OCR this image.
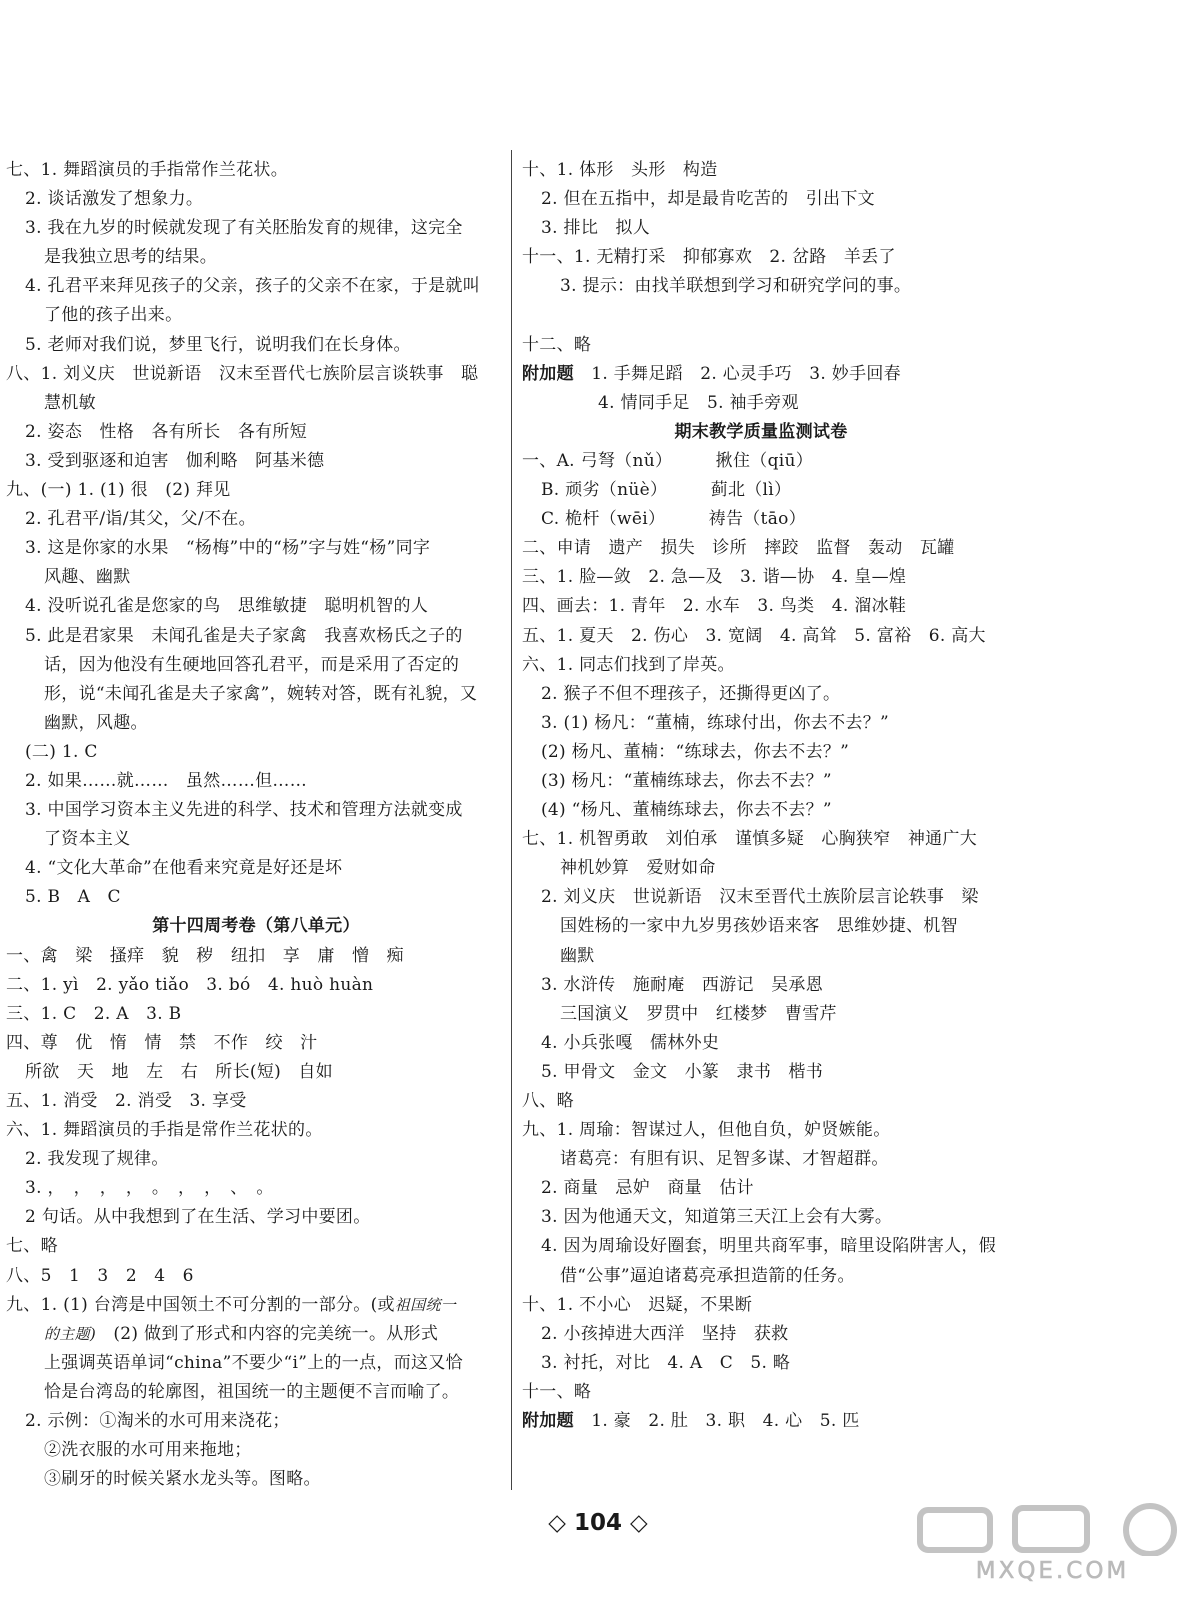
七、1. 舞蹈演员的手指常作兰花状。
2. 谈话激发了想象力。
3. 我在九岁的时候就发现了有关胚胎发育的规律，这完全
是我独立思考的结果。
4. 孔君平来拜见孩子的父亲，孩子的父亲不在家，于是就叫
了他的孩子出来。
5. 老师对我们说，梦里飞行，说明我们在长身体。
八、1. 刘义庆　世说新语　汉末至晋代七族阶层言谈轶事　聪
慧机敏
2. 姿态　性格　各有所长　各有所短
3. 受到驱逐和迫害　伽利略　阿基米德
九、(一) 1. (1) 很　(2) 拜见
2. 孔君平/诣/其父，父/不在。
3. 这是你家的水果　“杨梅”中的“杨”字与姓“杨”同字
风趣、幽默
4. 没听说孔雀是您家的鸟　思维敏捷　聪明机智的人
5. 此是君家果　未闻孔雀是夫子家禽　我喜欢杨氏之子的
话，因为他没有生硬地回答孔君平，而是采用了否定的
形，说“未闻孔雀是夫子家禽”，婉转对答，既有礼貌，又
幽默，风趣。
(二) 1. C
2. 如果……就……　虽然……但……
3. 中国学习资本主义先进的科学、技术和管理方法就变成
了资本主义
4. “文化大革命”在他看来究竟是好还是坏
5. B　A　C
第十四周考卷（第八单元）
一、禽　梁　搔痒　貌　秽　纽扣　享　庸　憎　痴
二、1. yì　2. yǎo tiǎo　3. bó　4. huò huàn
三、1. C　2. A　3. B
四、尊　优　惰　情　禁　不作　绞　汁
所欲　天　地　左　右　所长(短)　自如
五、1. 消受　2. 消受　3. 享受
六、1. 舞蹈演员的手指是常作兰花状的。
2. 我发现了规律。
3. ，　，　，　，　。　，　，　、　。
2 句话。从中我想到了在生活、学习中要团。
七、略
八、5　1　3　2　4　6
九、1. (1) 台湾是中国领土不可分割的一部分。(或祖国统一
的主题)　(2) 做到了形式和内容的完美统一。从形式
上强调英语单词“china”不要少“i”上的一点，而这又恰
恰是台湾岛的轮廓图，祖国统一的主题便不言而喻了。
2. 示例：①淘米的水可用来浇花；
②洗衣服的水可用来拖地；
③刷牙的时候关紧水龙头等。图略。
十、1. 体形　头形　构造
2. 但在五指中，却是最肯吃苦的　引出下文
3. 排比　拟人
十一、1. 无精打采　抑郁寡欢　2. 岔路　羊丢了
3. 提示：由找羊联想到学习和研究学问的事。
十二、略
附加题　1. 手舞足蹈　2. 心灵手巧　3. 妙手回春
4. 情同手足　5. 袖手旁观
期末教学质量监测试卷
一、A. 弓弩（nǔ）　　　揪住（qiū）
B. 顽劣（nüè）　　　蓟北（lì）
C. 桅杆（wēi）　　　祷告（tāo）
二、申请　遗产　损失　诊所　摔跤　监督　轰动　瓦罐
三、1. 脸—敛　2. 急—及　3. 谐—协　4. 皇—煌
四、画去：1. 青年　2. 水车　3. 鸟类　4. 溜冰鞋
五、1. 夏天　2. 伤心　3. 宽阔　4. 高耸　5. 富裕　6. 高大
六、1. 同志们找到了岸英。
2. 猴子不但不理孩子，还撕得更凶了。
3. (1) 杨凡：“董楠，练球付出，你去不去？”
(2) 杨凡、董楠：“练球去，你去不去？”
(3) 杨凡：“董楠练球去，你去不去？”
(4) “杨凡、董楠练球去，你去不去？”
七、1. 机智勇敢　刘伯承　谨慎多疑　心胸狭窄　神通广大
神机妙算　爱财如命
2. 刘义庆　世说新语　汉末至晋代土族阶层言论轶事　梁
国姓杨的一家中九岁男孩妙语来客　思维妙捷、机智
幽默
3. 水浒传　施耐庵　西游记　吴承恩
三国演义　罗贯中　红楼梦　曹雪芹
4. 小兵张嘎　儒林外史
5. 甲骨文　金文　小篆　隶书　楷书
八、略
九、1. 周瑜：智谋过人，但他自负，妒贤嫉能。
诸葛亮：有胆有识、足智多谋、才智超群。
2. 商量　忌妒　商量　估计
3. 因为他通天文，知道第三天江上会有大雾。
4. 因为周瑜设好圈套，明里共商军事，暗里设陷阱害人，假
借“公事”逼迫诸葛亮承担造箭的任务。
十、1. 不小心　迟疑，不果断
2. 小孩掉进大西洋　坚持　获救
3. 衬托，对比　4. A　C　5. 略
十一、略
附加题　1. 豪　2. 肚　3. 职　4. 心　5. 匹
◇ 104 ◇
MXQE.COM
